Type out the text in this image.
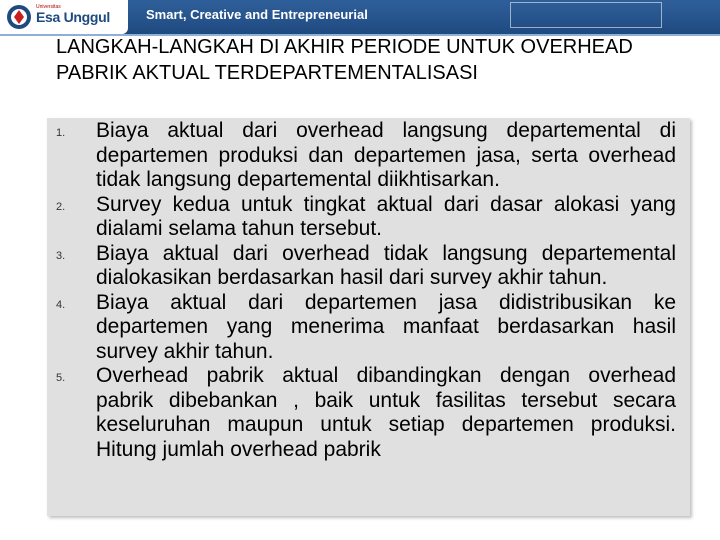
Universitas
Esa Unggul	Smart, Creative and Entrepreneurial
LANGKAH-LANGKAH DI AKHIR PERIODE UNTUK OVERHEAD PABRIK AKTUAL TERDEPARTEMENTALISASI
1.	Biaya aktual dari overhead langsung departemental di departemen produksi dan departemen jasa, serta overhead tidak langsung departemental diikhtisarkan.
2.	Survey kedua untuk tingkat aktual dari dasar alokasi yang dialami selama tahun tersebut.
3.	Biaya aktual dari overhead tidak langsung departemental dialokasikan berdasarkan hasil dari survey akhir tahun.
4.	Biaya aktual dari departemen jasa didistribusikan ke departemen yang menerima manfaat berdasarkan hasil survey akhir tahun.
5.	Overhead pabrik aktual dibandingkan dengan overhead pabrik dibebankan , baik untuk fasilitas tersebut secara keseluruhan maupun untuk setiap departemen produksi. Hitung jumlah overhead pabrik
